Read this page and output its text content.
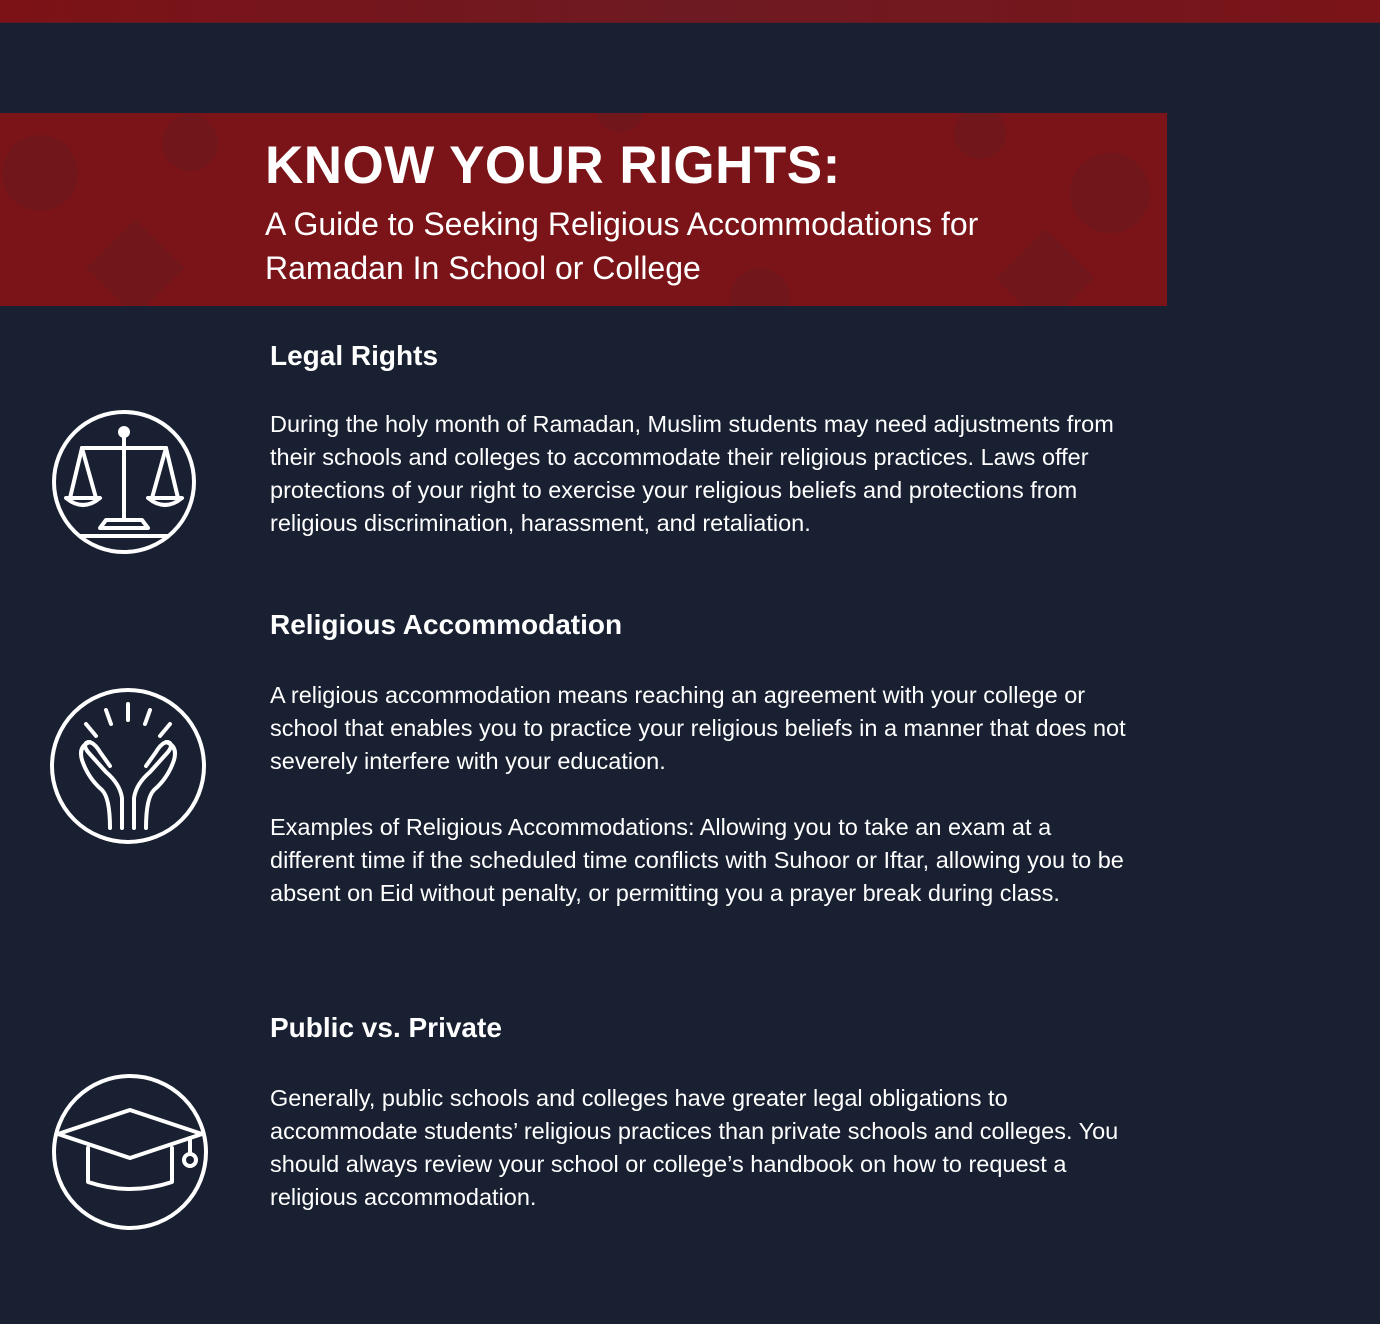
KNOW YOUR RIGHTS:
A Guide to Seeking Religious Accommodations for
Ramadan In School or College
Legal Rights

During the holy month of Ramadan, Muslim students may need adjustments from their schools and colleges to accommodate their religious practices. Laws offer protections of your right to exercise your religious beliefs and protections from religious discrimination, harassment, and retaliation.

Religious Accommodation

A religious accommodation means reaching an agreement with your college or school that enables you to practice your religious beliefs in a manner that does not severely interfere with your education.

Examples of Religious Accommodations: Allowing you to take an exam at a different time if the scheduled time conflicts with Suhoor or Iftar, allowing you to be absent on Eid without penalty, or permitting you a prayer break during class.

Public vs. Private

Generally, public schools and colleges have greater legal obligations to accommodate students’ religious practices than private schools and colleges. You should always review your school or college’s handbook on how to request a religious accommodation.
